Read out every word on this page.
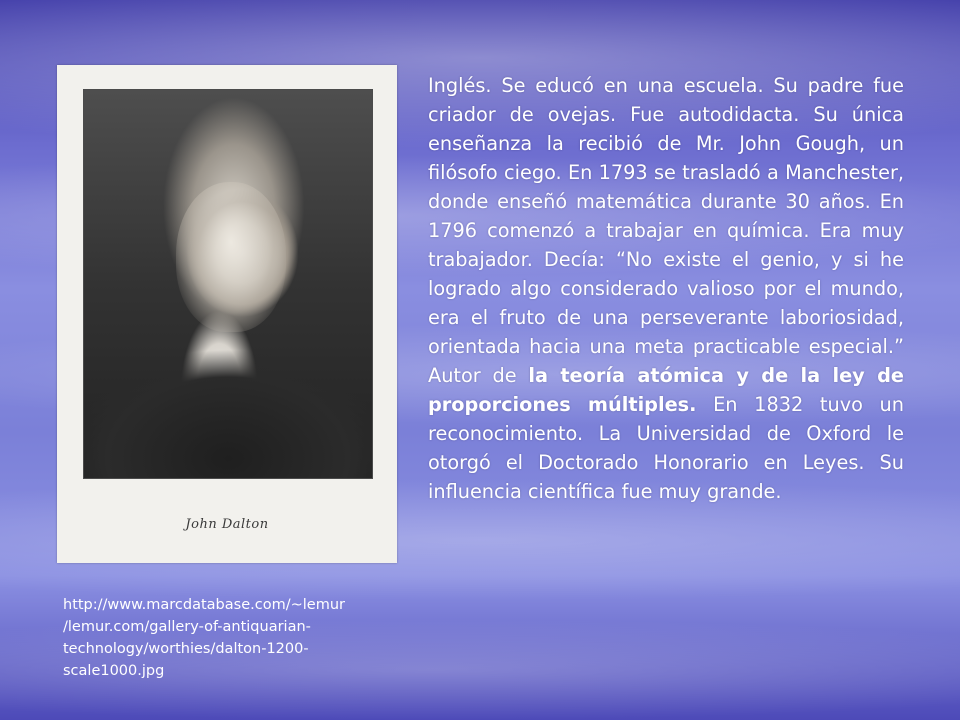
John Dalton
Inglés. Se educó en una escuela. Su padre fue criador de ovejas. Fue autodidacta. Su única enseñanza la recibió de Mr. John Gough, un filósofo ciego. En 1793 se trasladó a Manchester, donde enseñó matemática durante 30 años. En 1796 comenzó a trabajar en química. Era muy trabajador. Decía: “No existe el genio, y si he logrado algo considerado valioso por el mundo, era el fruto de una perseverante laboriosidad, orientada hacia una meta practicable especial.” Autor de la teoría atómica y de la ley de proporciones múltiples. En 1832 tuvo un reconocimiento. La Universidad de Oxford le otorgó el Doctorado Honorario en Leyes. Su influencia científica fue muy grande.
http://www.marcdatabase.com/~lemur
/lemur.com/gallery-of-antiquarian-
technology/worthies/dalton-1200-
scale1000.jpg
